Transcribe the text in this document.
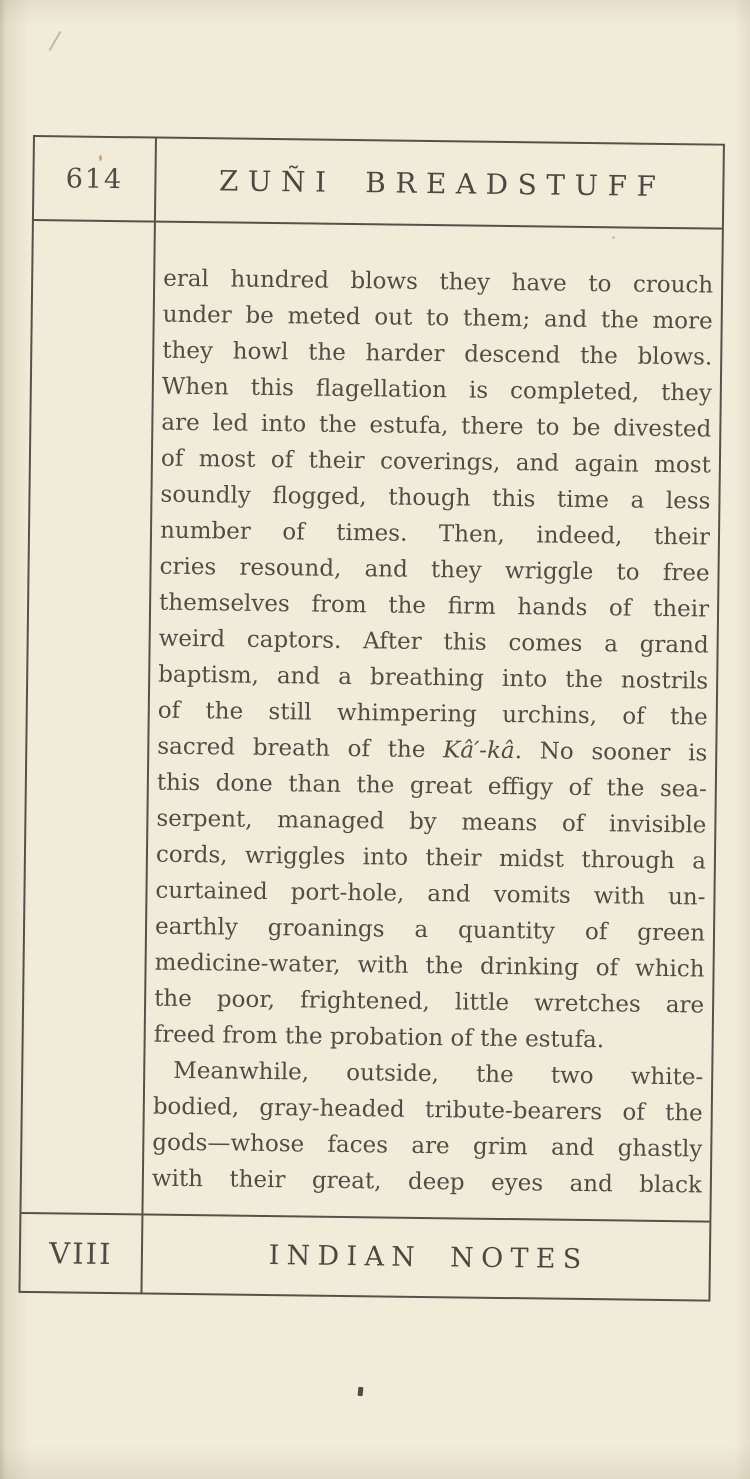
614	ZUÑI BREADSTUFF
eral hundred blows they have to crouch
under be meted out to them; and the more
they howl the harder descend the blows.
When this flagellation is completed, they
are led into the estufa, there to be divested
of most of their coverings, and again most
soundly flogged, though this time a less
number of times. Then, indeed, their
cries resound, and they wriggle to free
themselves from the firm hands of their
weird captors. After this comes a grand
baptism, and a breathing into the nostrils
of the still whimpering urchins, of the
sacred breath of the Kâ′-kâ. No sooner is
this done than the great effigy of the sea-
serpent, managed by means of invisible
cords, wriggles into their midst through a
curtained port-hole, and vomits with un-
earthly groanings a quantity of green
medicine-water, with the drinking of which
the poor, frightened, little wretches are
freed from the probation of the estufa.
Meanwhile, outside, the two white-
bodied, gray-headed tribute-bearers of the
gods—whose faces are grim and ghastly
with their great, deep eyes and black
VIII	INDIAN NOTES
